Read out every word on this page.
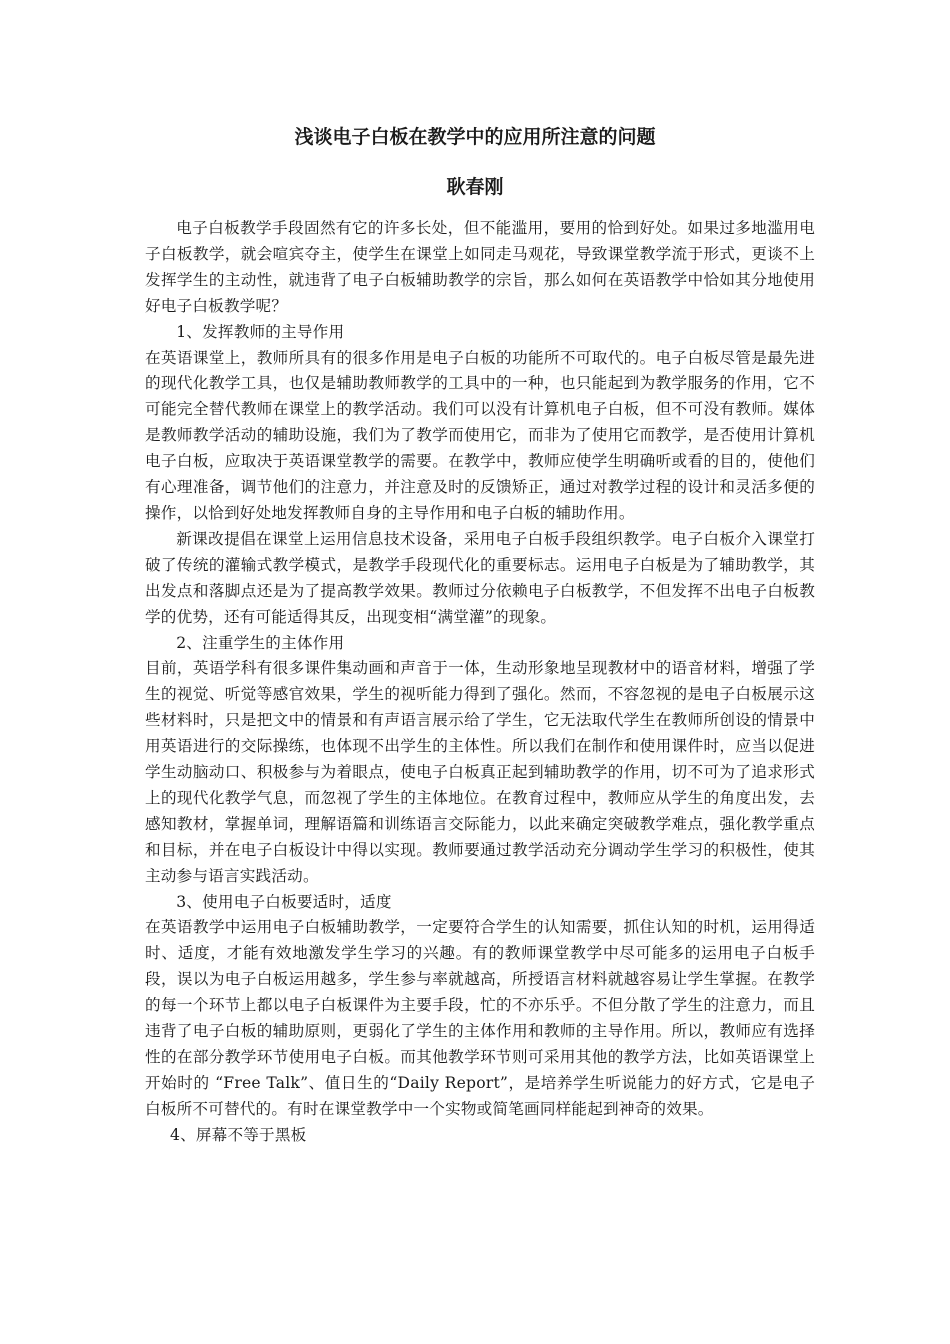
浅谈电子白板在教学中的应用所注意的问题
耿春刚

电子白板教学手段固然有它的许多长处，但不能滥用，要用的恰到好处。如果过多地滥用电子白板教学，就会喧宾夺主，使学生在课堂上如同走马观花，导致课堂教学流于形式，更谈不上发挥学生的主动性，就违背了电子白板辅助教学的宗旨，那么如何在英语教学中恰如其分地使用好电子白板教学呢？

1、发挥教师的主导作用

在英语课堂上，教师所具有的很多作用是电子白板的功能所不可取代的。电子白板尽管是最先进的现代化教学工具，也仅是辅助教师教学的工具中的一种，也只能起到为教学服务的作用，它不可能完全替代教师在课堂上的教学活动。我们可以没有计算机电子白板，但不可没有教师。媒体是教师教学活动的辅助设施，我们为了教学而使用它，而非为了使用它而教学，是否使用计算机电子白板，应取决于英语课堂教学的需要。在教学中，教师应使学生明确听或看的目的，使他们有心理准备，调节他们的注意力，并注意及时的反馈矫正，通过对教学过程的设计和灵活多便的操作，以恰到好处地发挥教师自身的主导作用和电子白板的辅助作用。

新课改提倡在课堂上运用信息技术设备，采用电子白板手段组织教学。电子白板介入课堂打破了传统的灌输式教学模式，是教学手段现代化的重要标志。运用电子白板是为了辅助教学，其出发点和落脚点还是为了提高教学效果。教师过分依赖电子白板教学，不但发挥不出电子白板教学的优势，还有可能适得其反，出现变相“满堂灌”的现象。

2、注重学生的主体作用

目前，英语学科有很多课件集动画和声音于一体，生动形象地呈现教材中的语音材料，增强了学生的视觉、听觉等感官效果，学生的视听能力得到了强化。然而，不容忽视的是电子白板展示这些材料时，只是把文中的情景和有声语言展示给了学生，它无法取代学生在教师所创设的情景中用英语进行的交际操练，也体现不出学生的主体性。所以我们在制作和使用课件时，应当以促进学生动脑动口、积极参与为着眼点，使电子白板真正起到辅助教学的作用，切不可为了追求形式上的现代化教学气息，而忽视了学生的主体地位。在教育过程中，教师应从学生的角度出发，去感知教材，掌握单词，理解语篇和训练语言交际能力，以此来确定突破教学难点，强化教学重点和目标，并在电子白板设计中得以实现。教师要通过教学活动充分调动学生学习的积极性，使其主动参与语言实践活动。

3、使用电子白板要适时，适度

在英语教学中运用电子白板辅助教学，一定要符合学生的认知需要，抓住认知的时机，运用得适时、适度，才能有效地激发学生学习的兴趣。有的教师课堂教学中尽可能多的运用电子白板手段，误以为电子白板运用越多，学生参与率就越高，所授语言材料就越容易让学生掌握。在教学的每一个环节上都以电子白板课件为主要手段，忙的不亦乐乎。不但分散了学生的注意力，而且违背了电子白板的辅助原则，更弱化了学生的主体作用和教师的主导作用。所以，教师应有选择性的在部分教学环节使用电子白板。而其他教学环节则可采用其他的教学方法，比如英语课堂上开始时的 “Free Talk”、值日生的“Daily Report”，是培养学生听说能力的好方式，它是电子白板所不可替代的。有时在课堂教学中一个实物或简笔画同样能起到神奇的效果。

4、屏幕不等于黑板
